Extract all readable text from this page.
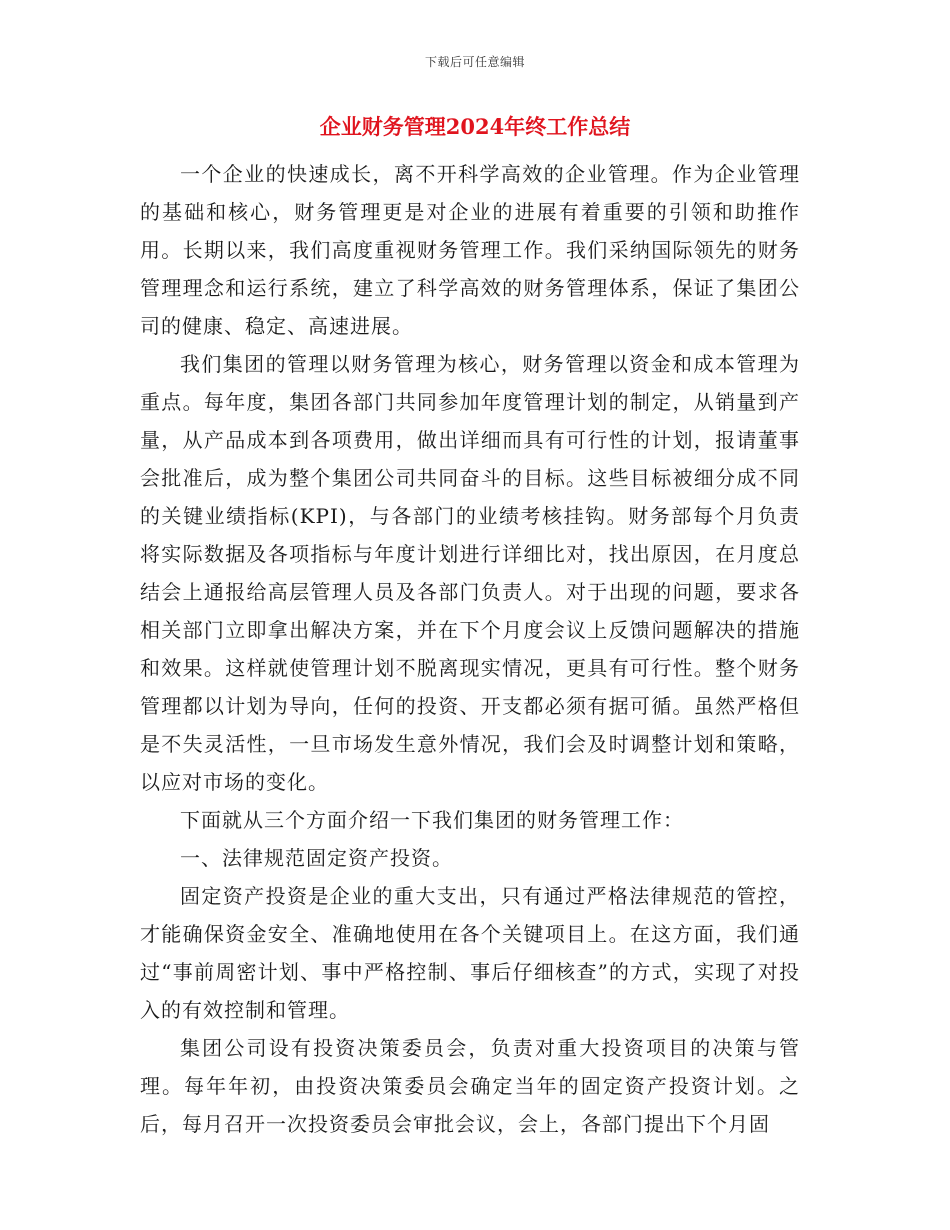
下载后可任意编辑
企业财务管理2024年终工作总结

一个企业的快速成长，离不开科学高效的企业管理。作为企业管理的基础和核心，财务管理更是对企业的进展有着重要的引领和助推作用。长期以来，我们高度重视财务管理工作。我们采纳国际领先的财务管理理念和运行系统，建立了科学高效的财务管理体系，保证了集团公司的健康、稳定、高速进展。

我们集团的管理以财务管理为核心，财务管理以资金和成本管理为重点。每年度，集团各部门共同参加年度管理计划的制定，从销量到产量，从产品成本到各项费用，做出详细而具有可行性的计划，报请董事会批准后，成为整个集团公司共同奋斗的目标。这些目标被细分成不同的关键业绩指标(KPI)，与各部门的业绩考核挂钩。财务部每个月负责将实际数据及各项指标与年度计划进行详细比对，找出原因，在月度总结会上通报给高层管理人员及各部门负责人。对于出现的问题，要求各相关部门立即拿出解决方案，并在下个月度会议上反馈问题解决的措施和效果。这样就使管理计划不脱离现实情况，更具有可行性。整个财务管理都以计划为导向，任何的投资、开支都必须有据可循。虽然严格但是不失灵活性，一旦市场发生意外情况，我们会及时调整计划和策略，以应对市场的变化。

下面就从三个方面介绍一下我们集团的财务管理工作：

一、法律规范固定资产投资。

固定资产投资是企业的重大支出，只有通过严格法律规范的管控，才能确保资金安全、准确地使用在各个关键项目上。在这方面，我们通过“事前周密计划、事中严格控制、事后仔细核查”的方式，实现了对投入的有效控制和管理。

集团公司设有投资决策委员会，负责对重大投资项目的决策与管理。每年年初，由投资决策委员会确定当年的固定资产投资计划。之后，每月召开一次投资委员会审批会议，会上，各部门提出下个月固
